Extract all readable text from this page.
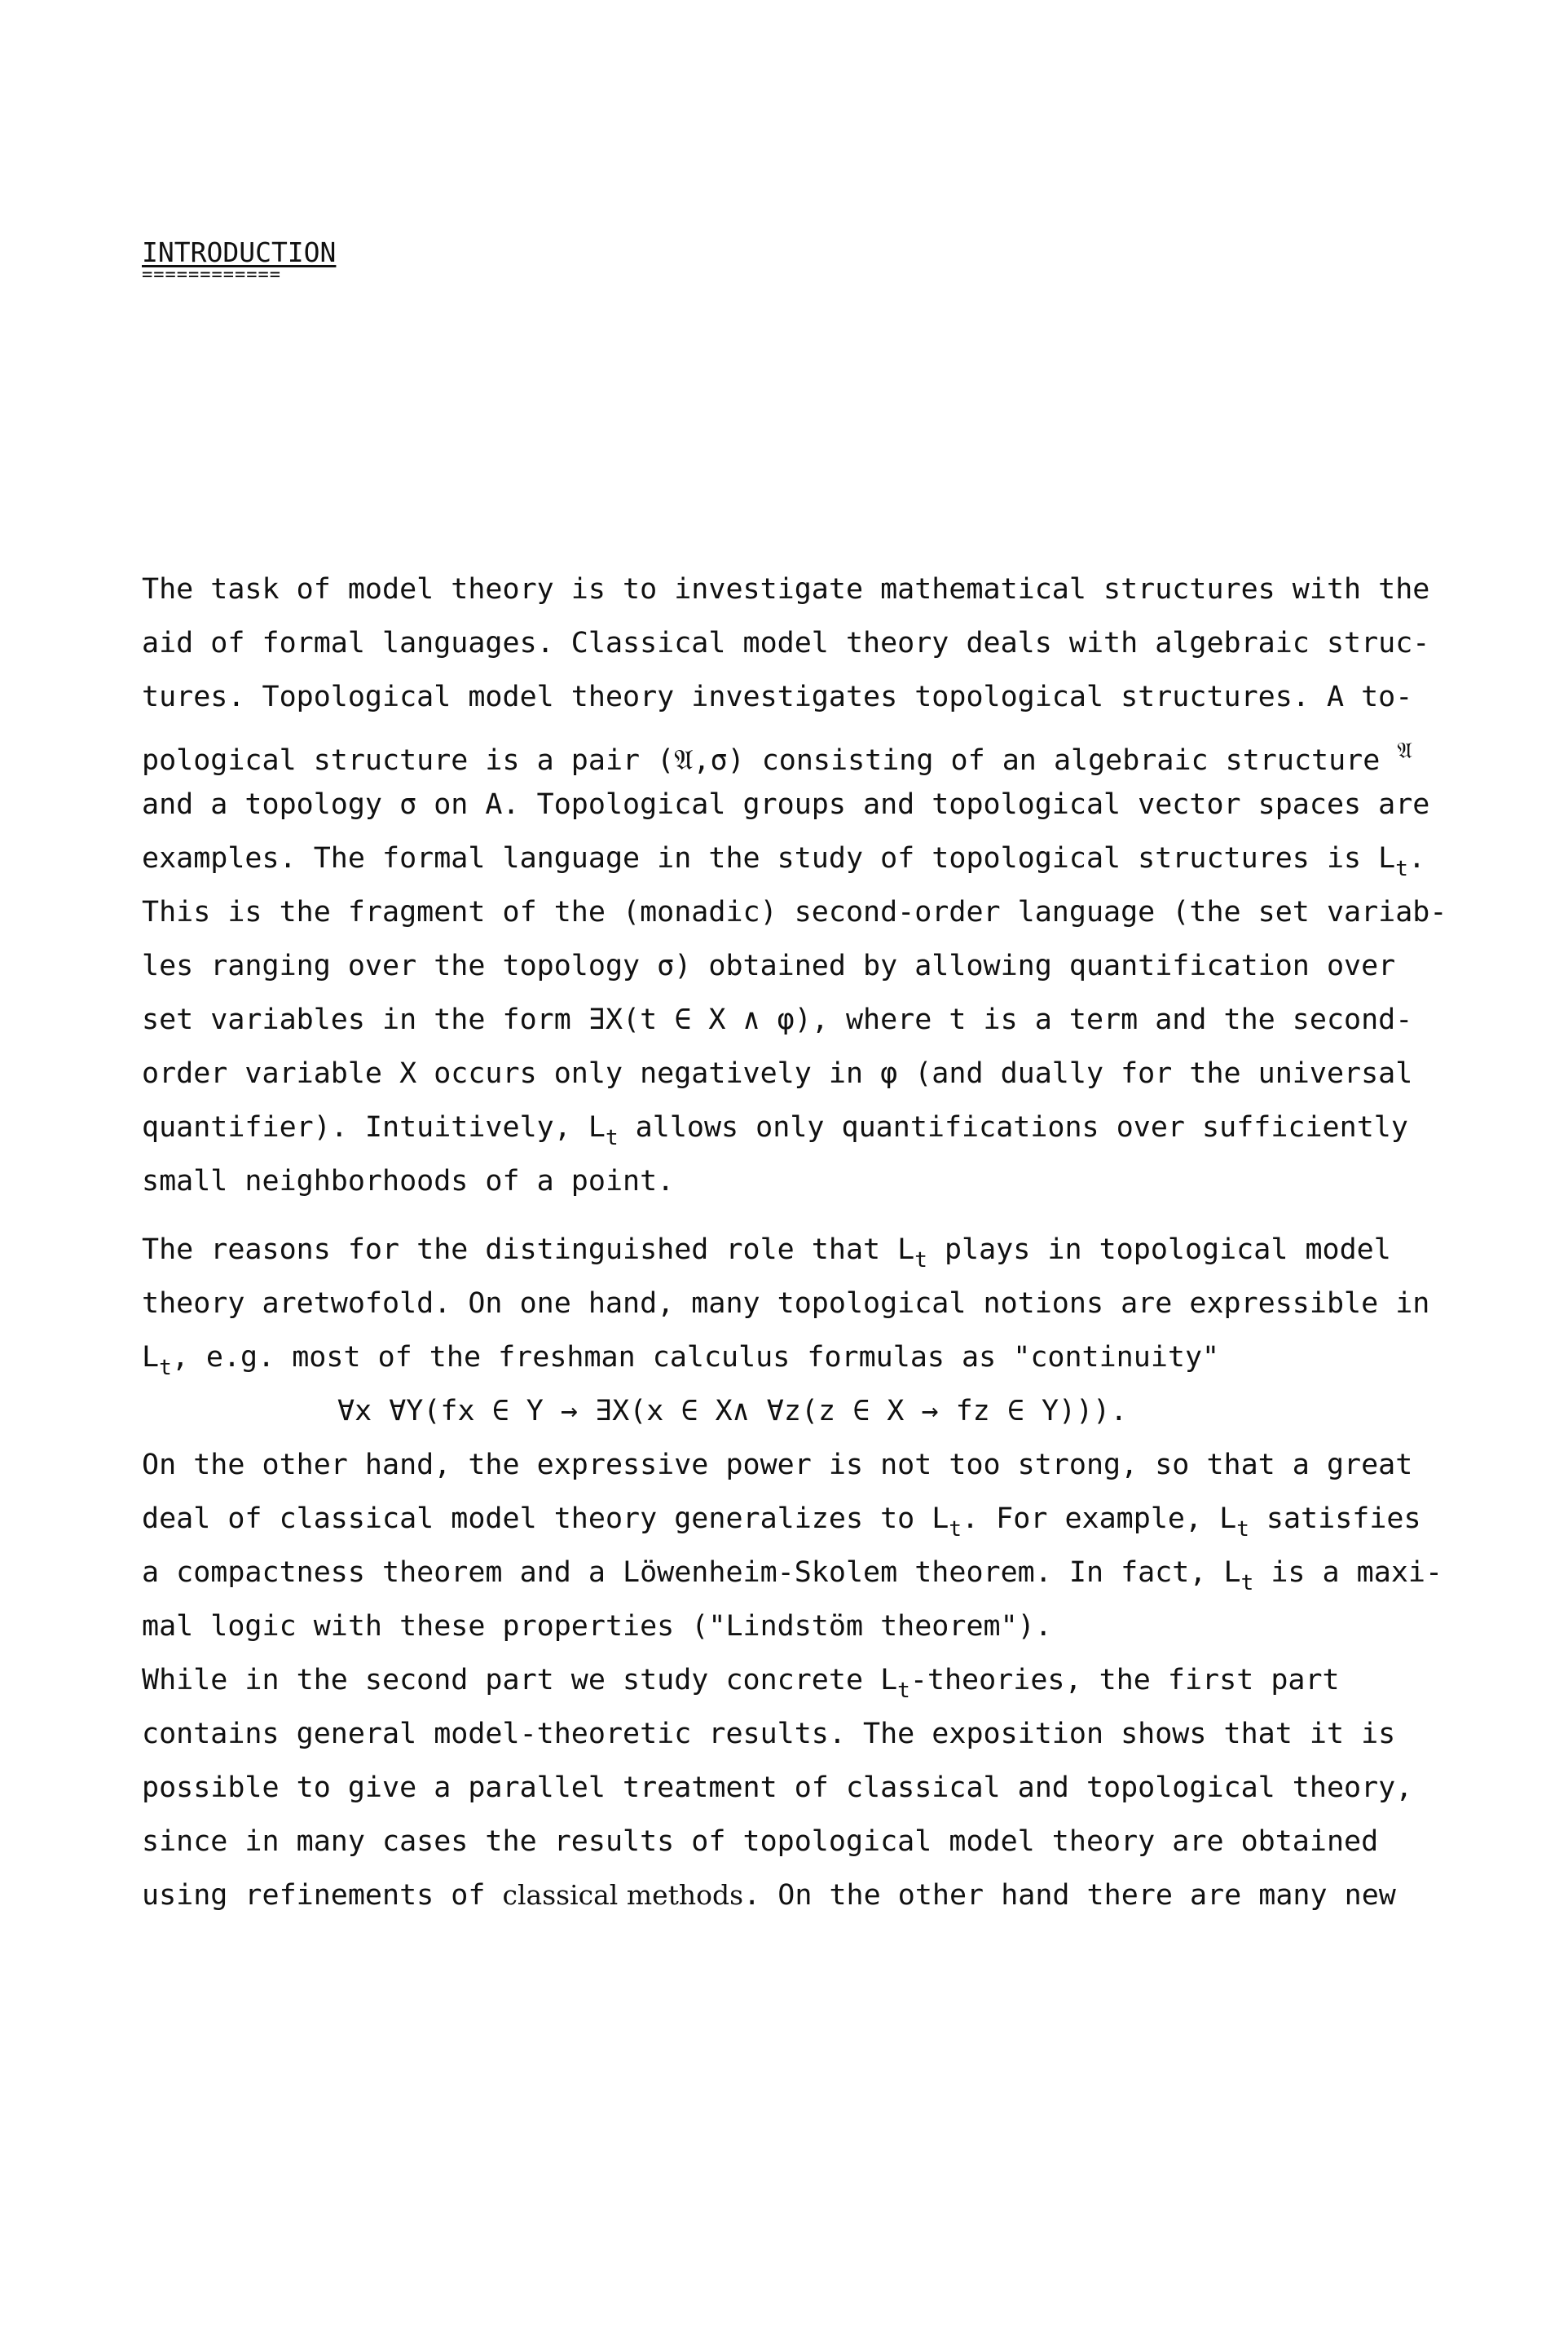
INTRODUCTION
============
The task of model theory is to investigate mathematical structures with the
aid of formal languages. Classical model theory deals with algebraic struc-
tures. Topological model theory investigates topological structures. A to-
pological structure is a pair (𝔄,σ) consisting of an algebraic structure $^𝔄$
and a topology σ on A. Topological groups and topological vector spaces are
examples. The formal language in the study of topological structures is $L_t$.
This is the fragment of the (monadic) second-order language (the set variab-
les ranging over the topology σ) obtained by allowing quantification over
set variables in the form ∃X(t ∈ X ∧ φ), where t is a term and the second-
order variable X occurs only negatively in φ (and dually for the universal
quantifier). Intuitively, $L_t$ allows only quantifications over sufficiently
small neighborhoods of a point.
The reasons for the distinguished role that $L_t$ plays in topological model
theory aretwofold. On one hand, many topological notions are expressible in
$L_t$, e.g. most of the freshman calculus formulas as "continuity"
∀x ∀Y(fx ∈ Y → ∃X(x ∈ X∧ ∀z(z ∈ X → fz ∈ Y))).
On the other hand, the expressive power is not too strong, so that a great
deal of classical model theory generalizes to $L_t$. For example, $L_t$ satisfies
a compactness theorem and a Löwenheim-Skolem theorem. In fact, $L_t$ is a maxi-
mal logic with these properties ("Lindstöm theorem").
While in the second part we study concrete $L_t$-theories, the first part
contains general model-theoretic results. The exposition shows that it is
possible to give a parallel treatment of classical and topological theory,
since in many cases the results of topological model theory are obtained
using refinements of classical methods. On the other hand there are many new
